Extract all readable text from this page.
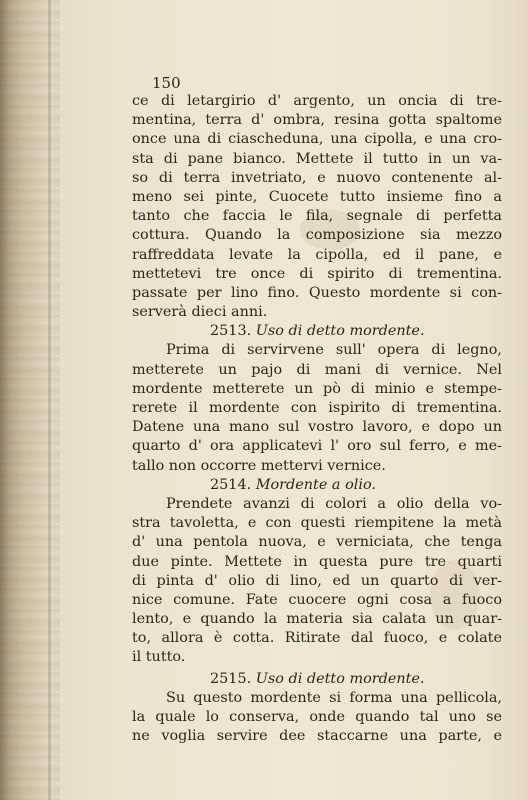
150
ce di letargirio d' argento, un oncia di tre-
mentina, terra d' ombra, resina gotta spaltome
once una di ciascheduna, una cipolla, e una cro-
sta di pane bianco. Mettete il tutto in un va-
so di terra invetriato, e nuovo contenente al-
meno sei pinte, Cuocete tutto insieme fino a
tanto che faccia le fila, segnale di perfetta
cottura. Quando la composizione sia mezzo
raffreddata levate la cipolla, ed il pane, e
mettetevi tre once di spirito di trementina.
passate per lino fino. Questo mordente si con-
serverà dieci anni.
2513. Uso di detto mordente.
Prima di servirvene sull' opera di legno,
metterete un pajo di mani di vernice. Nel
mordente metterete un pò di minio e stempe-
rerete il mordente con ispirito di trementina.
Datene una mano sul vostro lavoro, e dopo un
quarto d' ora applicatevi l' oro sul ferro, e me-
tallo non occorre mettervi vernice.
2514. Mordente a olio.
Prendete avanzi di colori a olio della vo-
stra tavoletta, e con questi riempitene la metà
d' una pentola nuova, e verniciata, che tenga
due pinte. Mettete in questa pure tre quarti
di pinta d' olio di lino, ed un quarto di ver-
nice comune. Fate cuocere ogni cosa a fuoco
lento, e quando la materia sia calata un quar-
to, allora è cotta. Ritirate dal fuoco, e colate
il tutto.
2515. Uso di detto mordente.
Su questo mordente si forma una pellicola,
la quale lo conserva, onde quando tal uno se
ne voglia servire dee staccarne una parte, e
